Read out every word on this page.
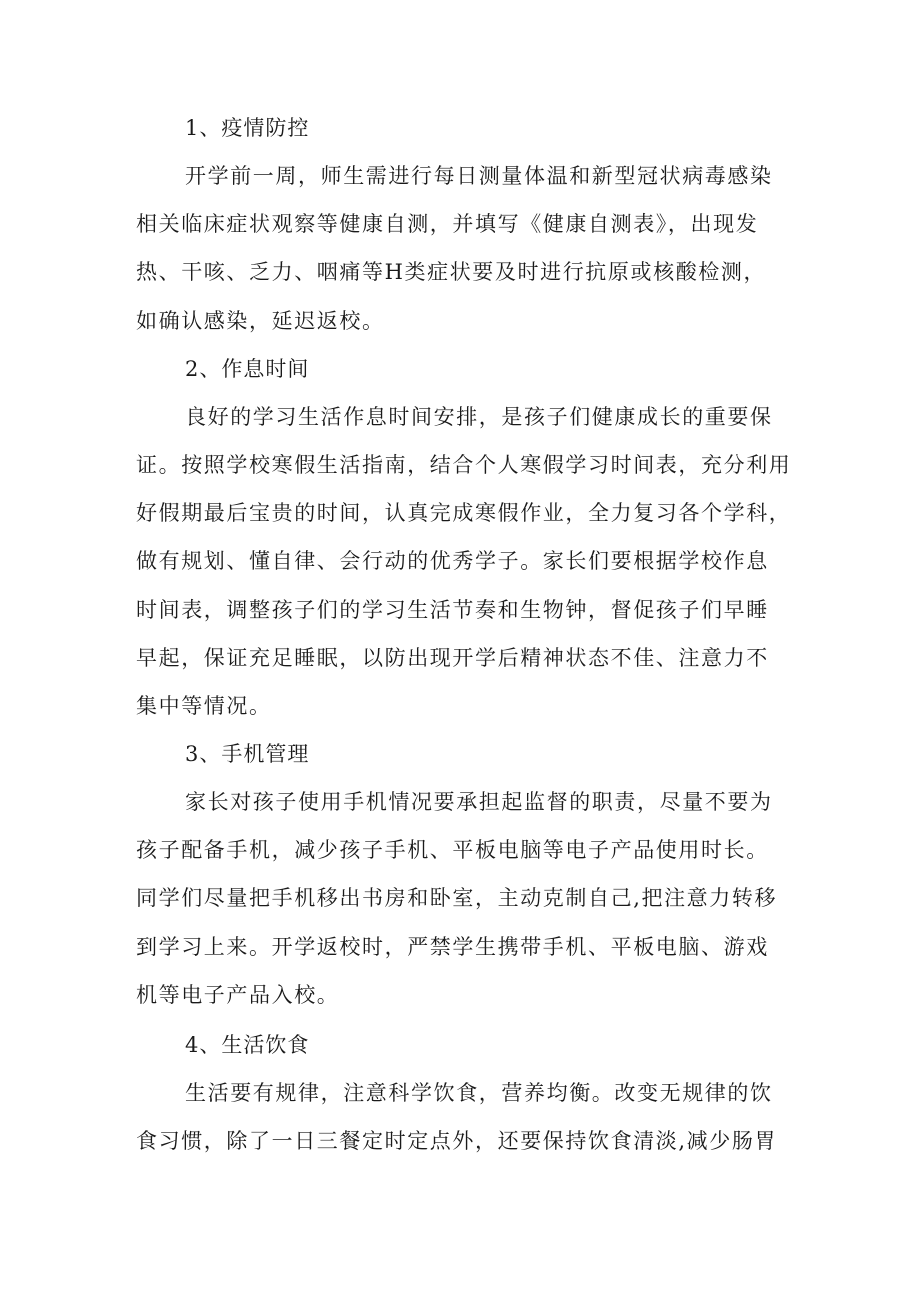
1、疫情防控
开学前一周，师生需进行每日测量体温和新型冠状病毒感染
相关临床症状观察等健康自测，并填写《健康自测表》，出现发
热、干咳、乏力、咽痛等H类症状要及时进行抗原或核酸检测，
如确认感染，延迟返校。
2、作息时间
良好的学习生活作息时间安排，是孩子们健康成长的重要保
证。按照学校寒假生活指南，结合个人寒假学习时间表，充分利用
好假期最后宝贵的时间，认真完成寒假作业，全力复习各个学科，
做有规划、懂自律、会行动的优秀学子。家长们要根据学校作息
时间表，调整孩子们的学习生活节奏和生物钟，督促孩子们早睡
早起，保证充足睡眠，以防出现开学后精神状态不佳、注意力不
集中等情况。
3、手机管理
家长对孩子使用手机情况要承担起监督的职责，尽量不要为
孩子配备手机，减少孩子手机、平板电脑等电子产品使用时长。
同学们尽量把手机移出书房和卧室，主动克制自己,把注意力转移
到学习上来。开学返校时，严禁学生携带手机、平板电脑、游戏
机等电子产品入校。
4、生活饮食
生活要有规律，注意科学饮食，营养均衡。改变无规律的饮
食习惯，除了一日三餐定时定点外，还要保持饮食清淡,减少肠胃
